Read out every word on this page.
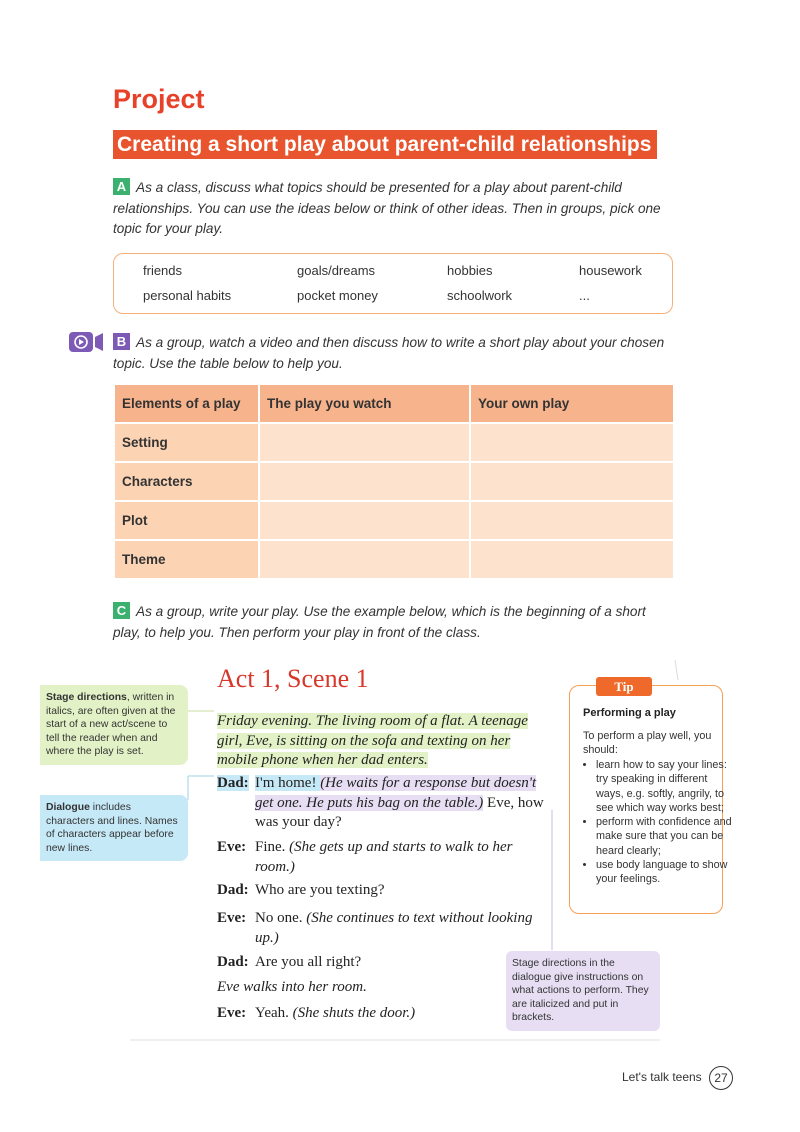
Project
Creating a short play about parent-child relationships
A As a class, discuss what topics should be presented for a play about parent-child relationships. You can use the ideas below or think of other ideas. Then in groups, pick one topic for your play.
friends	goals/dreams	hobbies	housework
personal habits	pocket money	schoolwork	...
B As a group, watch a video and then discuss how to write a short play about your chosen topic. Use the table below to help you.
Elements of a play	The play you watch	Your own play
Setting		
Characters		
Plot		
Theme		
C As a group, write your play. Use the example below, which is the beginning of a short play, to help you. Then perform your play in front of the class.
Stage directions, written in italics, are often given at the start of a new act/scene to tell the reader when and where the play is set.
Dialogue includes characters and lines. Names of characters appear before new lines.
Act 1, Scene 1
Friday evening. The living room of a flat. A teenage girl, Eve, is sitting on the sofa and texting on her mobile phone when her dad enters.
Dad: I'm home! (He waits for a response but doesn't get one. He puts his bag on the table.) Eve, how was your day?
Eve: Fine. (She gets up and starts to walk to her room.)
Dad: Who are you texting?
Eve: No one. (She continues to text without looking up.)
Dad: Are you all right?
Eve walks into her room.
Eve: Yeah. (She shuts the door.)
Stage directions in the dialogue give instructions on what actions to perform. They are italicized and put in brackets.
Tip
Performing a play
To perform a play well, you should:
• learn how to say your lines: try speaking in different ways, e.g. softly, angrily, to see which way works best;
• perform with confidence and make sure that you can be heard clearly;
• use body language to show your feelings.
Let's talk teens	27
